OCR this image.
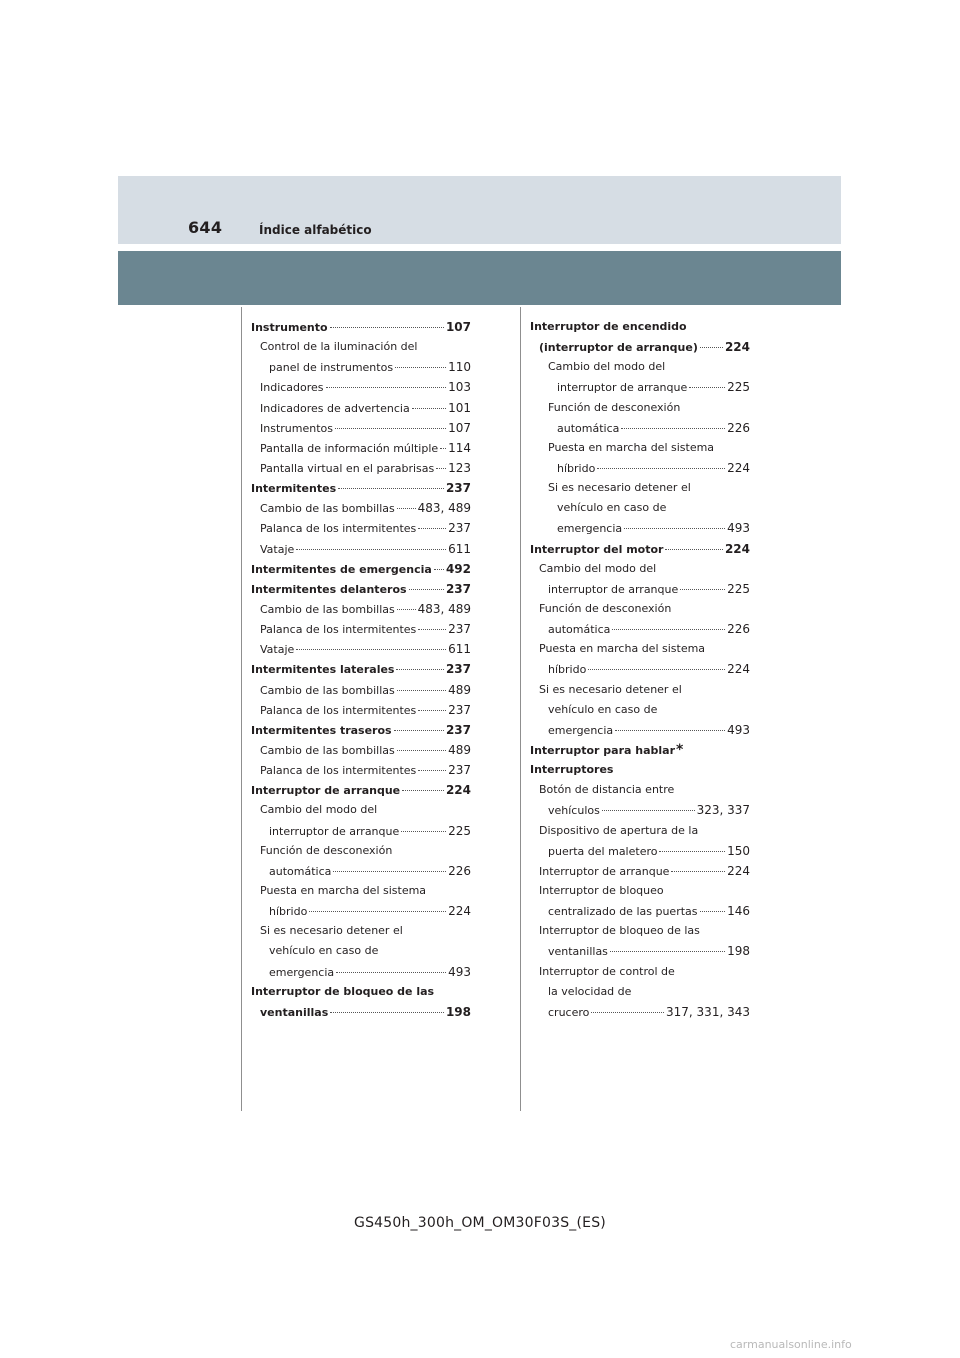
644	Índice alfabético
Instrumento	107
Control de la iluminación del
panel de instrumentos	110
Indicadores	103
Indicadores de advertencia	101
Instrumentos	107
Pantalla de información múltiple 114
Pantalla virtual en el parabrisas 123
Intermitentes	237
Cambio de las bombillas 483, 489
Palanca de los intermitentes	237
Vataje	611
Intermitentes de emergencia 492
Intermitentes delanteros	237
Cambio de las bombillas 483, 489
Palanca de los intermitentes	237
Vataje	611
Intermitentes laterales	237
Cambio de las bombillas	489
Palanca de los intermitentes	237
Intermitentes traseros	237
Cambio de las bombillas	489
Palanca de los intermitentes	237
Interruptor de arranque	224
Cambio del modo del
interruptor de arranque	225
Función de desconexión
automática	226
Puesta en marcha del sistema
híbrido	224
Si es necesario detener el
vehículo en caso de
emergencia	493
Interruptor de bloqueo de las
ventanillas	198
Interruptor de encendido
(interruptor de arranque) 224
Cambio del modo del
interruptor de arranque	225
Función de desconexión
automática	226
Puesta en marcha del sistema
híbrido	224
Si es necesario detener el
vehículo en caso de
emergencia	493
Interruptor del motor	224
Cambio del modo del
interruptor de arranque	225
Función de desconexión
automática	226
Puesta en marcha del sistema
híbrido	224
Si es necesario detener el
vehículo en caso de
emergencia	493
Interruptor para hablar *
Interruptores
Botón de distancia entre
vehículos	323, 337
Dispositivo de apertura de la
puerta del maletero	150
Interruptor de arranque	224
Interruptor de bloqueo
centralizado de las puertas 146
Interruptor de bloqueo de las
ventanillas	198
Interruptor de control de
la velocidad de
crucero	317, 331, 343
GS450h_300h_OM_OM30F03S_(ES)
carmanualsonline.info
